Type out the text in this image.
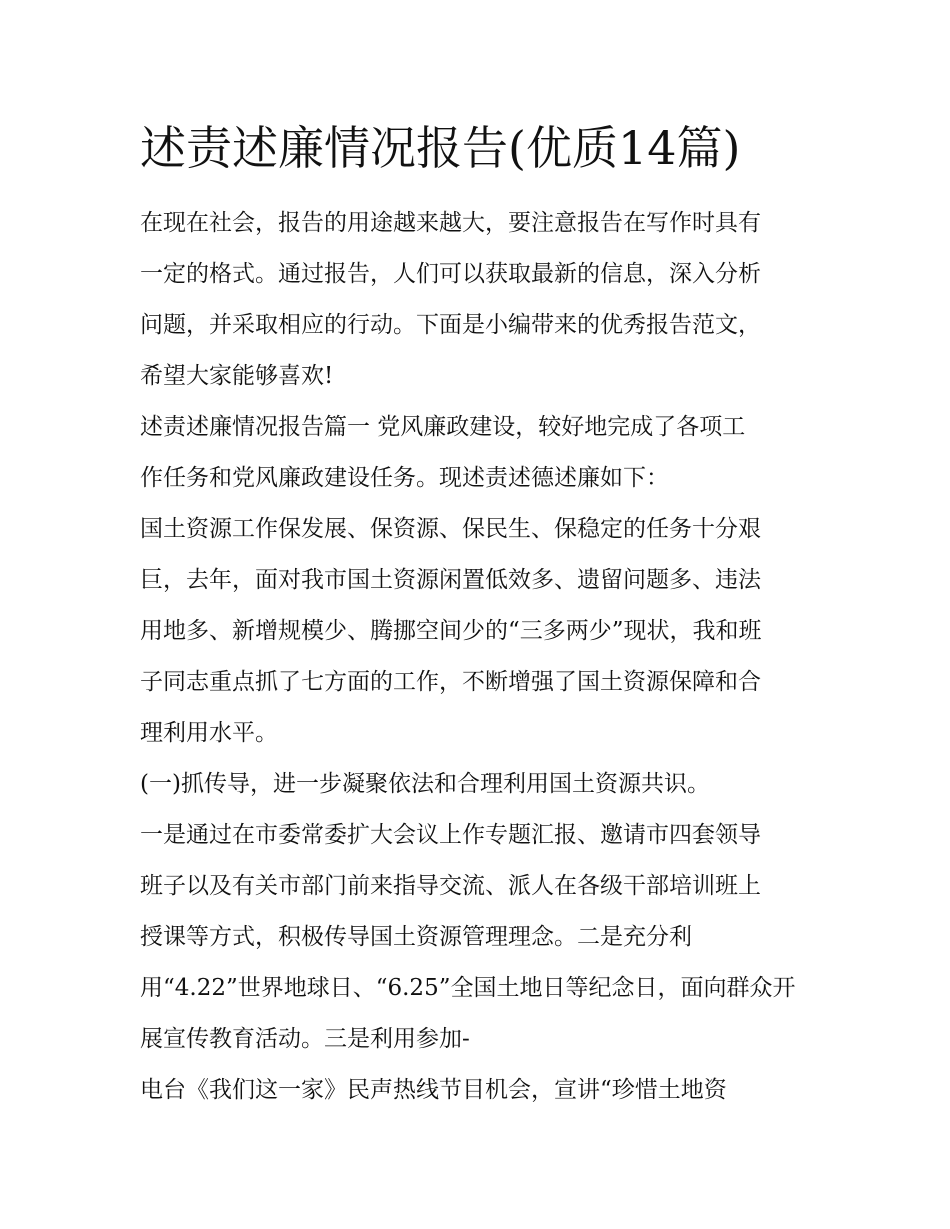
述责述廉情况报告(优质14篇)

在现在社会，报告的用途越来越大，要注意报告在写作时具有

一定的格式。通过报告，人们可以获取最新的信息，深入分析

问题，并采取相应的行动。下面是小编带来的优秀报告范文，

希望大家能够喜欢!

述责述廉情况报告篇一 党风廉政建设，较好地完成了各项工

作任务和党风廉政建设任务。现述责述德述廉如下：

国土资源工作保发展、保资源、保民生、保稳定的任务十分艰

巨，去年，面对我市国土资源闲置低效多、遗留问题多、违法

用地多、新增规模少、腾挪空间少的“三多两少”现状，我和班

子同志重点抓了七方面的工作，不断增强了国土资源保障和合

理利用水平。

(一)抓传导，进一步凝聚依法和合理利用国土资源共识。

一是通过在市委常委扩大会议上作专题汇报、邀请市四套领导

班子以及有关市部门前来指导交流、派人在各级干部培训班上

授课等方式，积极传导国土资源管理理念。二是充分利

用“4.22”世界地球日、“6.25”全国土地日等纪念日，面向群众开

展宣传教育活动。三是利用参加-

电台《我们这一家》民声热线节目机会，宣讲“珍惜土地资
